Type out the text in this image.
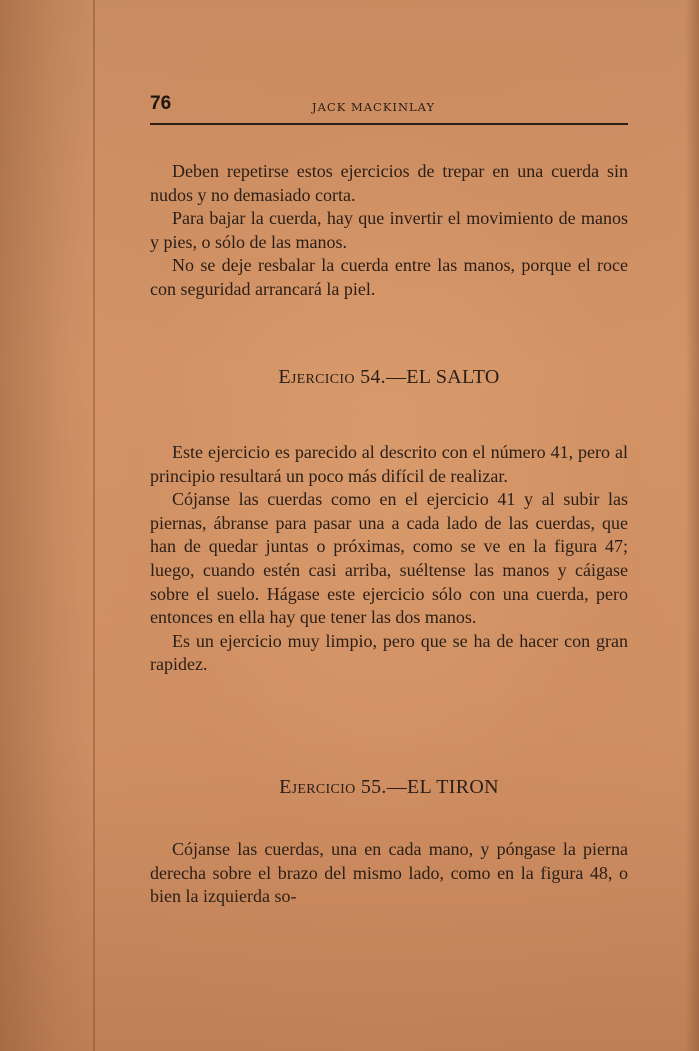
76	JACK MACKINLAY

Deben repetirse estos ejercicios de trepar en una cuerda sin nudos y no demasiado corta.

Para bajar la cuerda, hay que invertir el movimiento de manos y pies, o sólo de las manos.

No se deje resbalar la cuerda entre las manos, porque el roce con seguridad arrancará la piel.

Ejercicio 54.—EL SALTO

Este ejercicio es parecido al descrito con el número 41, pero al principio resultará un poco más difícil de realizar.

Cójanse las cuerdas como en el ejercicio 41 y al subir las piernas, ábranse para pasar una a cada lado de las cuerdas, que han de quedar juntas o próximas, como se ve en la figura 47; luego, cuando estén casi arriba, suéltense las manos y cáigase sobre el suelo. Hágase este ejercicio sólo con una cuerda, pero entonces en ella hay que tener las dos manos.

Es un ejercicio muy limpio, pero que se ha de hacer con gran rapidez.

Ejercicio 55.—EL TIRON

Cójanse las cuerdas, una en cada mano, y póngase la pierna derecha sobre el brazo del mismo lado, como en la figura 48, o bien la izquierda so-
